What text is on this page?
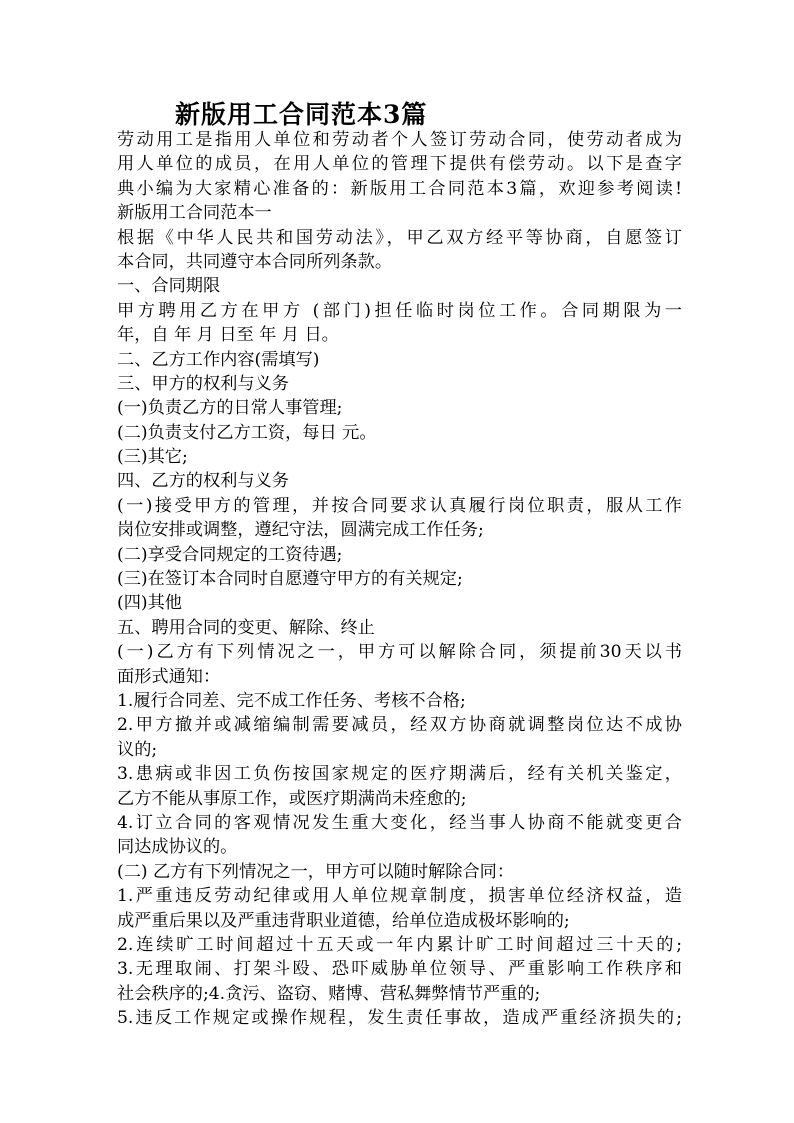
新版用工合同范本3篇
劳动用工是指用人单位和劳动者个人签订劳动合同，使劳动者成为
用人单位的成员，在用人单位的管理下提供有偿劳动。以下是查字
典小编为大家精心准备的：新版用工合同范本3篇，欢迎参考阅读!
新版用工合同范本一
根据《中华人民共和国劳动法》，甲乙双方经平等协商，自愿签订
本合同，共同遵守本合同所列条款。
一、合同期限
甲方聘用乙方在甲方 (部门)担任临时岗位工作。合同期限为一
年，自 年 月 日至 年 月 日。
二、乙方工作内容(需填写)
三、甲方的权利与义务
(一)负责乙方的日常人事管理;
(二)负责支付乙方工资，每日 元。
(三)其它;
四、乙方的权利与义务
(一)接受甲方的管理，并按合同要求认真履行岗位职责，服从工作
岗位安排或调整，遵纪守法，圆满完成工作任务;
(二)享受合同规定的工资待遇;
(三)在签订本合同时自愿遵守甲方的有关规定;
(四)其他
五、聘用合同的变更、解除、终止
(一)乙方有下列情况之一，甲方可以解除合同，须提前30天以书
面形式通知：
1.履行合同差、完不成工作任务、考核不合格;
2.甲方撤并或减缩编制需要减员，经双方协商就调整岗位达不成协
议的;
3.患病或非因工负伤按国家规定的医疗期满后，经有关机关鉴定，
乙方不能从事原工作，或医疗期满尚未痊愈的;
4.订立合同的客观情况发生重大变化，经当事人协商不能就变更合
同达成协议的。
(二) 乙方有下列情况之一，甲方可以随时解除合同：
1.严重违反劳动纪律或用人单位规章制度，损害单位经济权益，造
成严重后果以及严重违背职业道德，给单位造成极坏影响的;
2.连续旷工时间超过十五天或一年内累计旷工时间超过三十天的;
3.无理取闹、打架斗殴、恐吓威胁单位领导、严重影响工作秩序和
社会秩序的;4.贪污、盗窃、赌博、营私舞弊情节严重的;
5.违反工作规定或操作规程，发生责任事故，造成严重经济损失的;
